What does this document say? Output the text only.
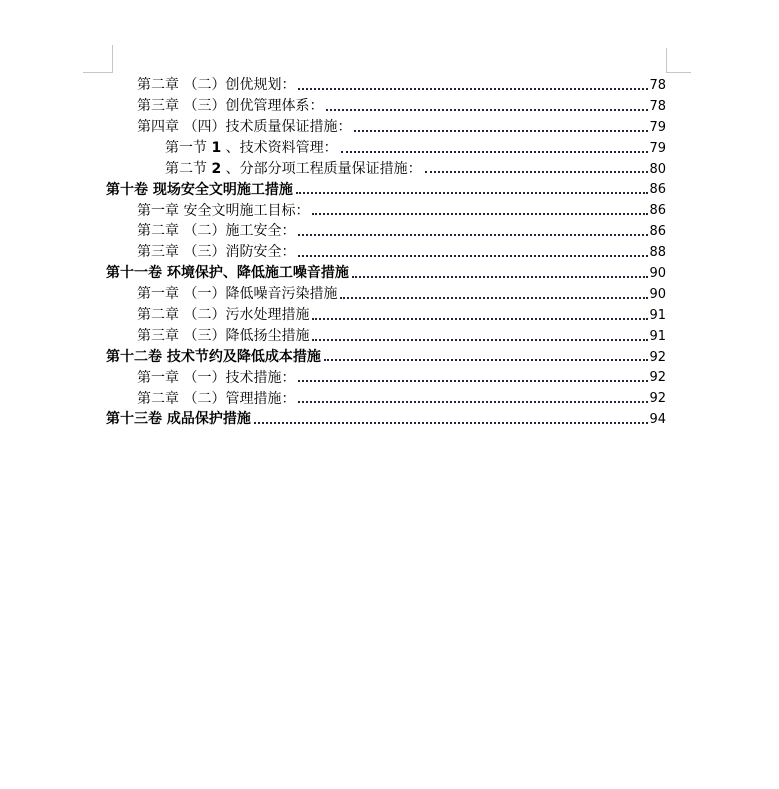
第二章 （二）创优规划：	78
第三章 （三）创优管理体系：	78
第四章 （四）技术质量保证措施：	79
第一节 1 、技术资料管理：	79
第二节 2 、分部分项工程质量保证措施：	80
第十卷 现场安全文明施工措施	86
第一章 安全文明施工目标：	86
第二章 （二）施工安全：	86
第三章 （三）消防安全：	88
第十一卷 环境保护、降低施工噪音措施	90
第一章 （一）降低噪音污染措施	90
第二章 （二）污水处理措施	91
第三章 （三）降低扬尘措施	91
第十二卷 技术节约及降低成本措施	92
第一章 （一）技术措施：	92
第二章 （二）管理措施：	92
第十三卷 成品保护措施	94
